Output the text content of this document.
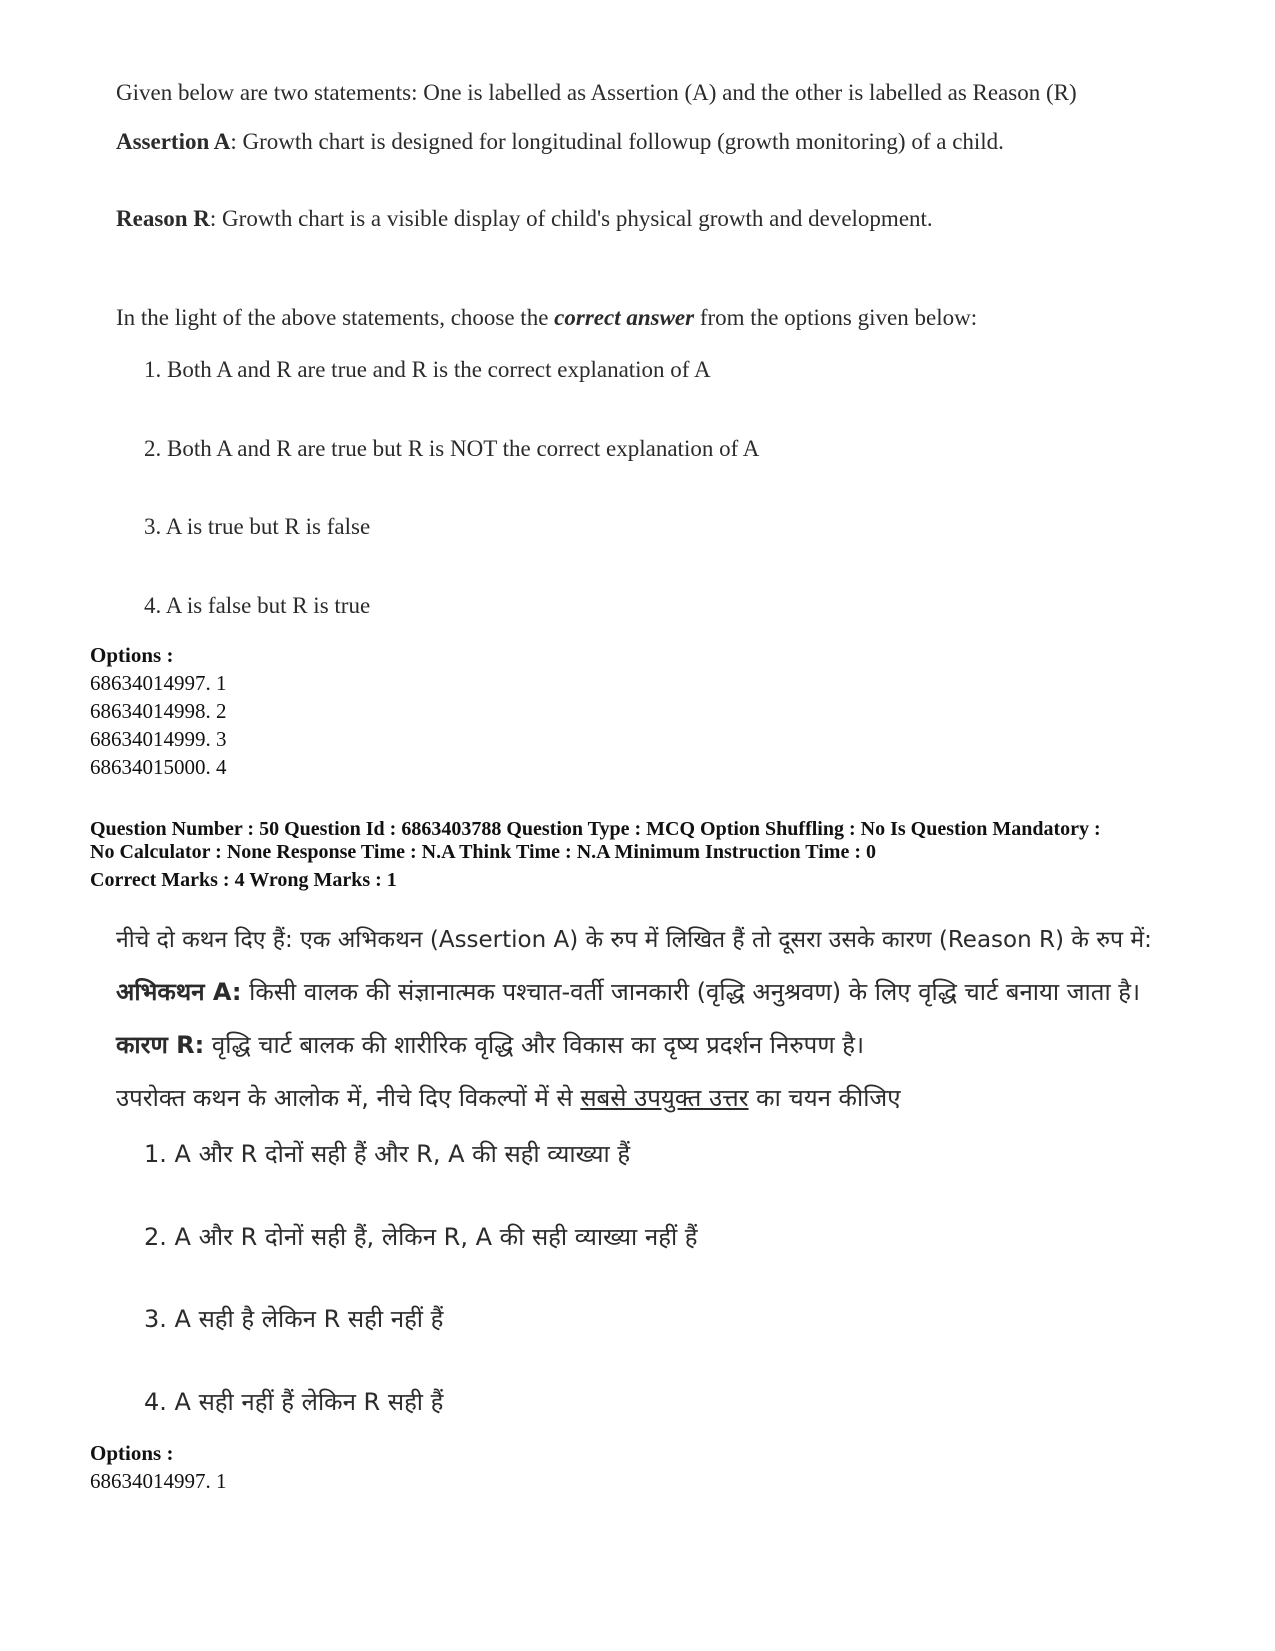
Given below are two statements: One is labelled as Assertion (A) and the other is labelled as Reason (R)
Assertion A: Growth chart is designed for longitudinal followup (growth monitoring) of a child.
Reason R: Growth chart is a visible display of child's physical growth and development.
In the light of the above statements, choose the correct answer from the options given below:
1. Both A and R are true and R is the correct explanation of A
2. Both A and R are true but R is NOT the correct explanation of A
3. A is true but R is false
4. A is false but R is true
Options :
68634014997. 1
68634014998. 2
68634014999. 3
68634015000. 4
Question Number : 50 Question Id : 6863403788 Question Type : MCQ Option Shuffling : No Is Question Mandatory :
No Calculator : None Response Time : N.A Think Time : N.A Minimum Instruction Time : 0
Correct Marks : 4 Wrong Marks : 1
नीचे दो कथन दिए हैं: एक अभिकथन (Assertion A) के रुप में लिखित हैं तो दूसरा उसके कारण (Reason R) के रुप में:
अभिकथन A: किसी वालक की संज्ञानात्मक पश्चात-वर्ती जानकारी (वृद्धि अनुश्रवण) के लिए वृद्धि चार्ट बनाया जाता है।
कारण R: वृद्धि चार्ट बालक की शारीरिक वृद्धि और विकास का दृष्य प्रदर्शन निरुपण है।
उपरोक्त कथन के आलोक में, नीचे दिए विकल्पों में से सबसे उपयुक्त उत्तर का चयन कीजिए
1. A और R दोनों सही हैं और R, A की सही व्याख्या हैं
2. A और R दोनों सही हैं, लेकिन R, A की सही व्याख्या नहीं हैं
3. A सही है लेकिन R सही नहीं हैं
4. A सही नहीं हैं लेकिन R सही हैं
Options :
68634014997. 1
